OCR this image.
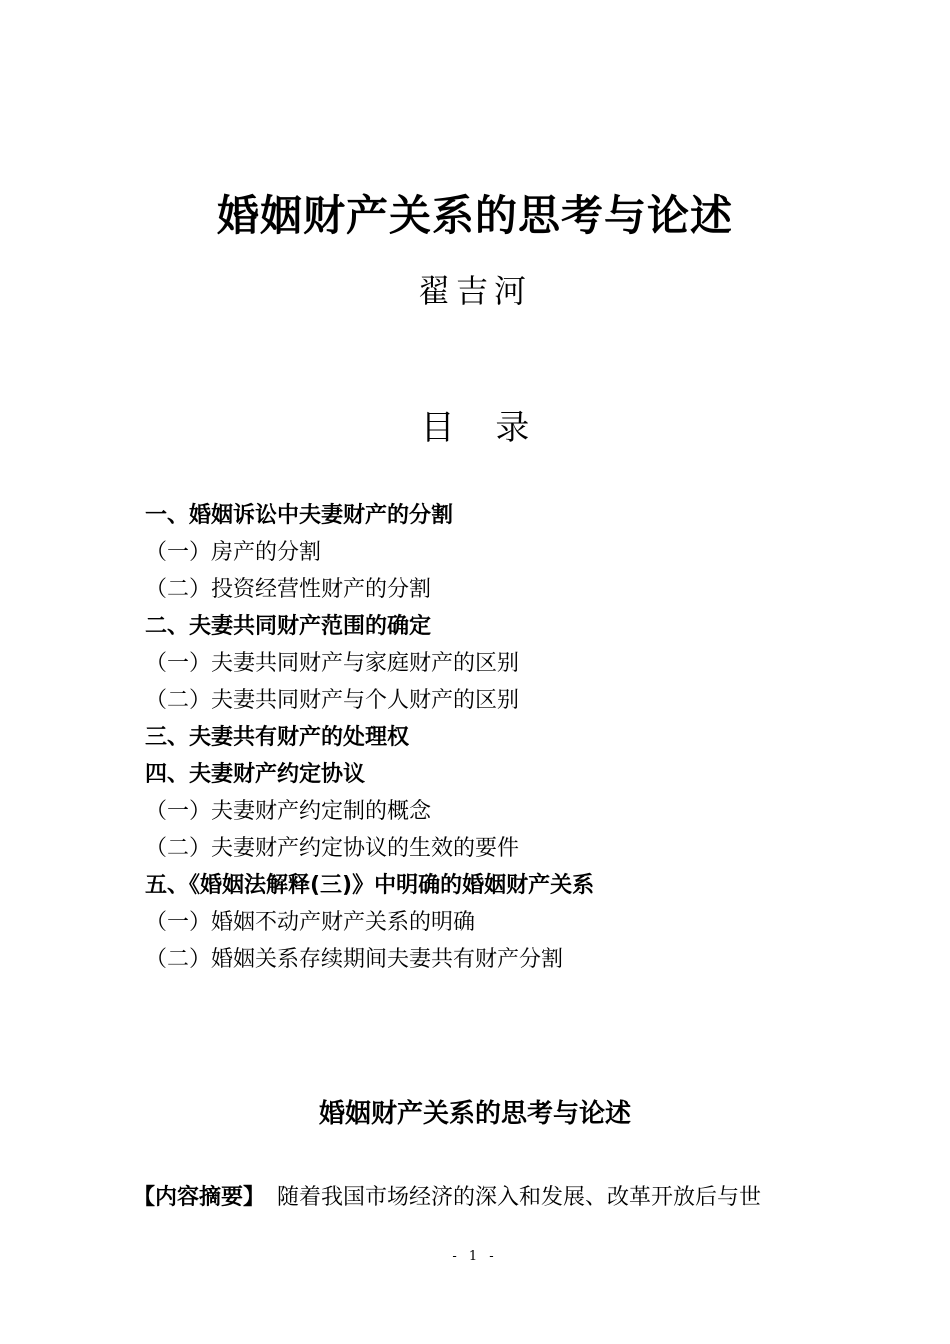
婚姻财产关系的思考与论述
翟吉河
目 录
一、婚姻诉讼中夫妻财产的分割
（一）房产的分割
（二）投资经营性财产的分割
二、夫妻共同财产范围的确定
（一）夫妻共同财产与家庭财产的区别
（二）夫妻共同财产与个人财产的区别
三、夫妻共有财产的处理权
四、夫妻财产约定协议
（一）夫妻财产约定制的概念
（二）夫妻财产约定协议的生效的要件
五、《婚姻法解释(三)》中明确的婚姻财产关系
（一）婚姻不动产财产关系的明确
（二）婚姻关系存续期间夫妻共有财产分割
婚姻财产关系的思考与论述
【内容摘要】 随着我国市场经济的深入和发展、改革开放后与世
- 1 -
